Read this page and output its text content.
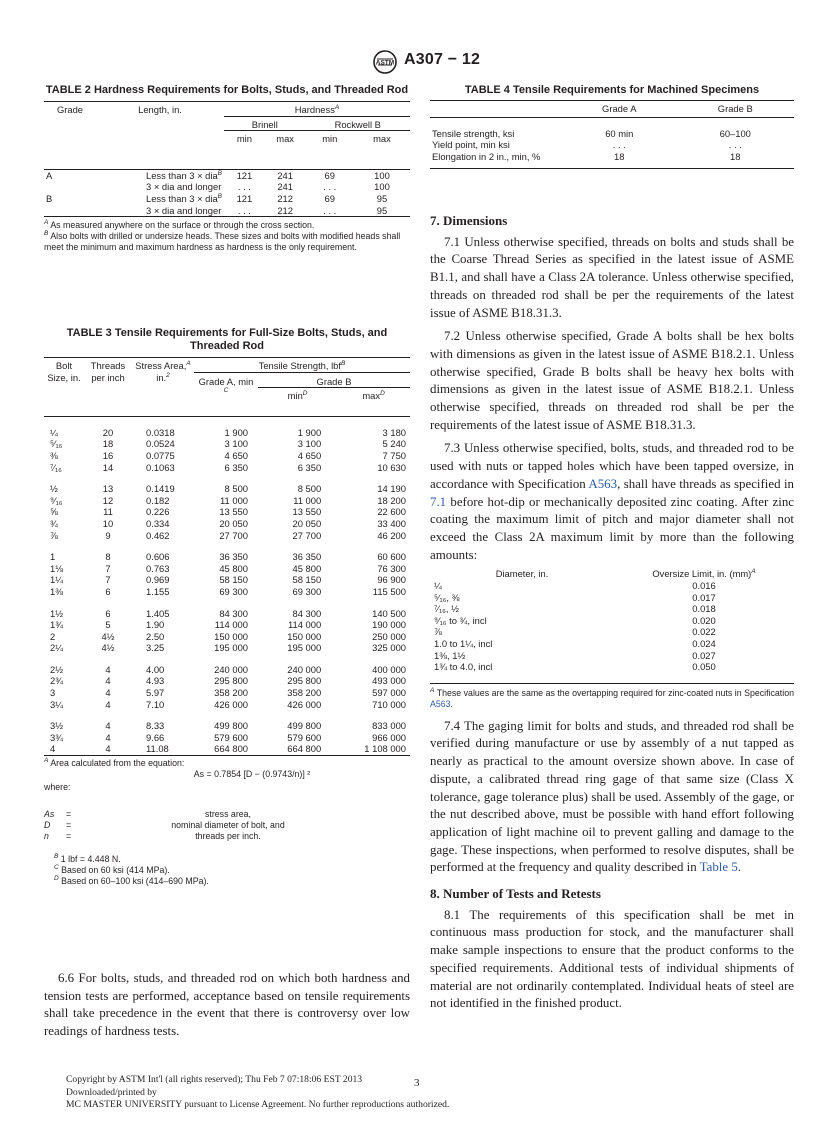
ASTM A307 − 12
TABLE 2 Hardness Requirements for Bolts, Studs, and Threaded Rod
Grade	Length, in.	Hardness$^A$
		Brinell		Rockwell B	
		min	max	min	max
A	Less than 3 × dia$^B$	121	241	69	100
	3 × dia and longer	. . .	241	. . .	100
B	Less than 3 × dia$^B$	121	212	69	95
	3 × dia and longer	. . .	212	. . .	95
$^A$ As measured anywhere on the surface or through the cross section.
$^B$ Also bolts with drilled or undersize heads. These sizes and bolts with modified heads shall meet the minimum and maximum hardness as hardness is the only requirement.
TABLE 3 Tensile Requirements for Full-Size Bolts, Studs, and Threaded Rod
Bolt Size, in.	Threads per inch	Stress Area,$^A$
in.$^2$	Tensile Strength, lbf$^B$
			Grade A, min $^C$	Grade B	
				$\min^D$	$\max^D$

¼	20	0.0318	1 900	1 900	3 180
⁵⁄₁₆	18	0.0524	3 100	3 100	5 240
⅜	16	0.0775	4 650	4 650	7 750
⁷⁄₁₆	14	0.1063	6 350	6 350	10 630

½	13	0.1419	8 500	8 500	14 190
⁹⁄₁₆	12	0.182	11 000	11 000	18 200
⅝	11	0.226	13 550	13 550	22 600
¾	10	0.334	20 050	20 050	33 400
⅞	9	0.462	27 700	27 700	46 200

1	8	0.606	36 350	36 350	60 600
1⅛	7	0.763	45 800	45 800	76 300
1¼	7	0.969	58 150	58 150	96 900
1⅜	6	1.155	69 300	69 300	115 500

1½	6	1.405	84 300	84 300	140 500
1¾	5	1.90	114 000	114 000	190 000
2	4½	2.50	150 000	150 000	250 000
2¼	4½	3.25	195 000	195 000	325 000

2½	4	4.00	240 000	240 000	400 000
2¾	4	4.93	295 800	295 800	493 000
3	4	5.97	358 200	358 200	597 000
3¼	4	7.10	426 000	426 000	710 000

3½	4	8.33	499 800	499 800	833 000
3¾	4	9.66	579 600	579 600	966 000
4	4	11.08	664 800	664 800	1 108 000
$^A$ Area calculated from the equation:
As = 0.7854 [D − (0.9743/n)] ²
where:
As	=	stress area,
D	=	nominal diameter of bolt, and
n	=	threads per inch.
$^B$ 1 lbf = 4.448 N.
$^C$ Based on 60 ksi (414 MPa).
$^D$ Based on 60–100 ksi (414–690 MPa).

6.6 For bolts, studs, and threaded rod on which both hardness and tension tests are performed, acceptance based on tensile requirements shall take precedence in the event that there is controversy over low readings of hardness tests.

TABLE 4 Tensile Requirements for Machined Specimens
	Grade A	Grade B

Tensile strength, ksi	60 min	60–100
Yield point, min ksi	. . .	. . .
Elongation in 2 in., min, %	18	18

7. Dimensions

7.1 Unless otherwise specified, threads on bolts and studs shall be the Coarse Thread Series as specified in the latest issue of ASME B1.1, and shall have a Class 2A tolerance. Unless otherwise specified, threads on threaded rod shall be per the requirements of the latest issue of ASME B18.31.3.

7.2 Unless otherwise specified, Grade A bolts shall be hex bolts with dimensions as given in the latest issue of ASME B18.2.1. Unless otherwise specified, Grade B bolts shall be heavy hex bolts with dimensions as given in the latest issue of ASME B18.2.1. Unless otherwise specified, threads on threaded rod shall be per the requirements of the latest issue of ASME B18.31.3.

7.3 Unless otherwise specified, bolts, studs, and threaded rod to be used with nuts or tapped holes which have been tapped oversize, in accordance with Specification A563, shall have threads as specified in 7.1 before hot-dip or mechanically deposited zinc coating. After zinc coating the maximum limit of pitch and major diameter shall not exceed the Class 2A maximum limit by more than the following amounts:

Diameter, in.	Oversize Limit, in. (mm)$^A$
¼	0.016
⁵⁄₁₆, ⅜	0.017
⁷⁄₁₆, ½	0.018
⁹⁄₁₆ to ¾, incl	0.020
⅞	0.022
1.0 to 1¼, incl	0.024
1⅜, 1½	0.027
1¾ to 4.0, incl	0.050

$^A$ These values are the same as the overtapping required for zinc-coated nuts in Specification A563.

7.4 The gaging limit for bolts and studs, and threaded rod shall be verified during manufacture or use by assembly of a nut tapped as nearly as practical to the amount oversize shown above. In case of dispute, a calibrated thread ring gage of that same size (Class X tolerance, gage tolerance plus) shall be used. Assembly of the gage, or the nut described above, must be possible with hand effort following application of light machine oil to prevent galling and damage to the gage. These inspections, when performed to resolve disputes, shall be performed at the frequency and quality described in Table 5.

8. Number of Tests and Retests

8.1 The requirements of this specification shall be met in continuous mass production for stock, and the manufacturer shall make sample inspections to ensure that the product conforms to the specified requirements. Additional tests of individual shipments of material are not ordinarily contemplated. Individual heats of steel are not identified in the finished product.

Copyright by ASTM Int'l (all rights reserved); Thu Feb 7 07:18:06 EST 2013
Downloaded/printed by
MC MASTER UNIVERSITY pursuant to License Agreement. No further reproductions authorized.
3
